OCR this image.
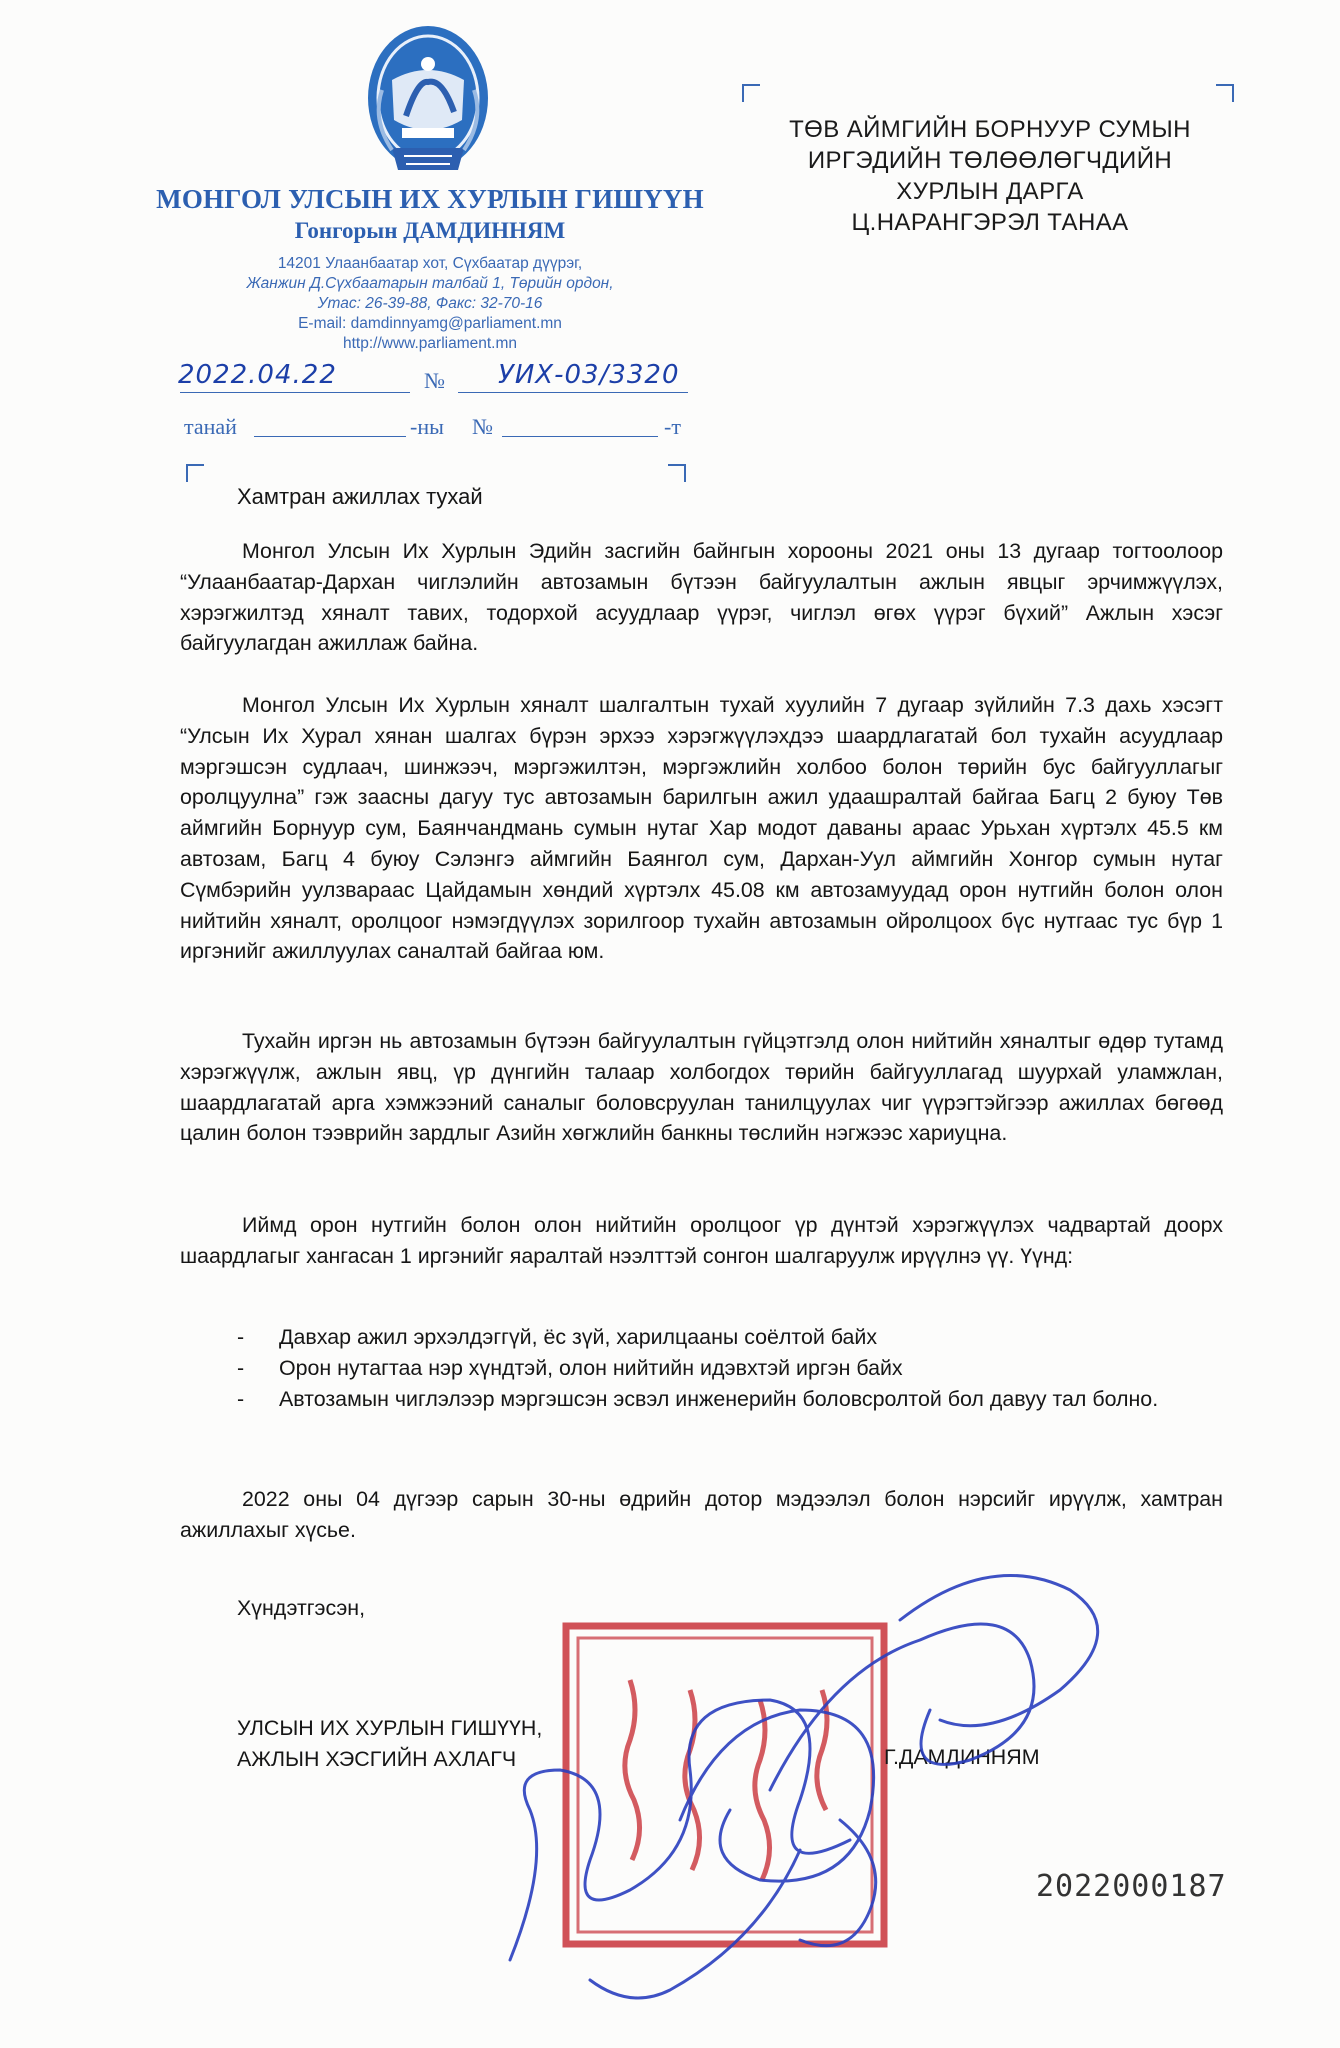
МОНГОЛ УЛСЫН ИХ ХУРЛЫН ГИШҮҮН
Гонгорын ДАМДИННЯМ
14201 Улаанбаатар хот, Сүхбаатар дүүрэг,
Жанжин Д.Сүхбаатарын талбай 1, Төрийн ордон,
Утас: 26-39-88, Факс: 32-70-16
E-mail: damdinnyamg@parliament.mn
http://www.parliament.mn
2022.04.22	№ УИХ-03/3320
танай	-ны №	-т
ТӨВ АЙМГИЙН БОРНУУР СУМЫН
ИРГЭДИЙН ТӨЛӨӨЛӨГЧДИЙН
ХУРЛЫН ДАРГА
Ц.НАРАНГЭРЭЛ ТАНАА
Хамтран ажиллах тухай

Монгол Улсын Их Хурлын Эдийн засгийн байнгын хорооны 2021 оны 13 дугаар тогтоолоор “Улаанбаатар-Дархан чиглэлийн автозамын бүтээн байгуулалтын ажлын явцыг эрчимжүүлэх, хэрэгжилтэд хяналт тавих, тодорхой асуудлаар үүрэг, чиглэл өгөх үүрэг бүхий” Ажлын хэсэг байгуулагдан ажиллаж байна.

Монгол Улсын Их Хурлын хяналт шалгалтын тухай хуулийн 7 дугаар зүйлийн 7.3 дахь хэсэгт “Улсын Их Хурал хянан шалгах бүрэн эрхээ хэрэгжүүлэхдээ шаардлагатай бол тухайн асуудлаар мэргэшсэн судлаач, шинжээч, мэргэжилтэн, мэргэжлийн холбоо болон төрийн бус байгууллагыг оролцуулна” гэж заасны дагуу тус автозамын барилгын ажил удаашралтай байгаа Багц 2 буюу Төв аймгийн Борнуур сум, Баянчандмань сумын нутаг Хар модот даваны араас Урьхан хүртэлх 45.5 км автозам, Багц 4 буюу Сэлэнгэ аймгийн Баянгол сум, Дархан-Уул аймгийн Хонгор сумын нутаг Сүмбэрийн уулзвараас Цайдамын хөндий хүртэлх 45.08 км автозамуудад орон нутгийн болон олон нийтийн хяналт, оролцоог нэмэгдүүлэх зорилгоор тухайн автозамын ойролцоох бүс нутгаас тус бүр 1 иргэнийг ажиллуулах саналтай байгаа юм.

Тухайн иргэн нь автозамын бүтээн байгуулалтын гүйцэтгэлд олон нийтийн хяналтыг өдөр тутамд хэрэгжүүлж, ажлын явц, үр дүнгийн талаар холбогдох төрийн байгууллагад шуурхай уламжлан, шаардлагатай арга хэмжээний саналыг боловсруулан танилцуулах чиг үүрэгтэйгээр ажиллах бөгөөд цалин болон тээврийн зардлыг Азийн хөгжлийн банкны төслийн нэгжээс хариуцна.

Иймд орон нутгийн болон олон нийтийн оролцоог үр дүнтэй хэрэгжүүлэх чадвартай доорх шаардлагыг хангасан 1 иргэнийг яаралтай нээлттэй сонгон шалгаруулж ирүүлнэ үү. Үүнд:

- Давхар ажил эрхэлдэггүй, ёс зүй, харилцааны соёлтой байх
- Орон нутагтаа нэр хүндтэй, олон нийтийн идэвхтэй иргэн байх
- Автозамын чиглэлээр мэргэшсэн эсвэл инженерийн боловсролтой бол давуу тал болно.

2022 оны 04 дүгээр сарын 30-ны өдрийн дотор мэдээлэл болон нэрсийг ирүүлж, хамтран ажиллахыг хүсье.

Хүндэтгэсэн,
УЛСЫН ИХ ХУРЛЫН ГИШҮҮН,
АЖЛЫН ХЭСГИЙН АХЛАГЧ	Г.ДАМДИННЯМ
2022000187
